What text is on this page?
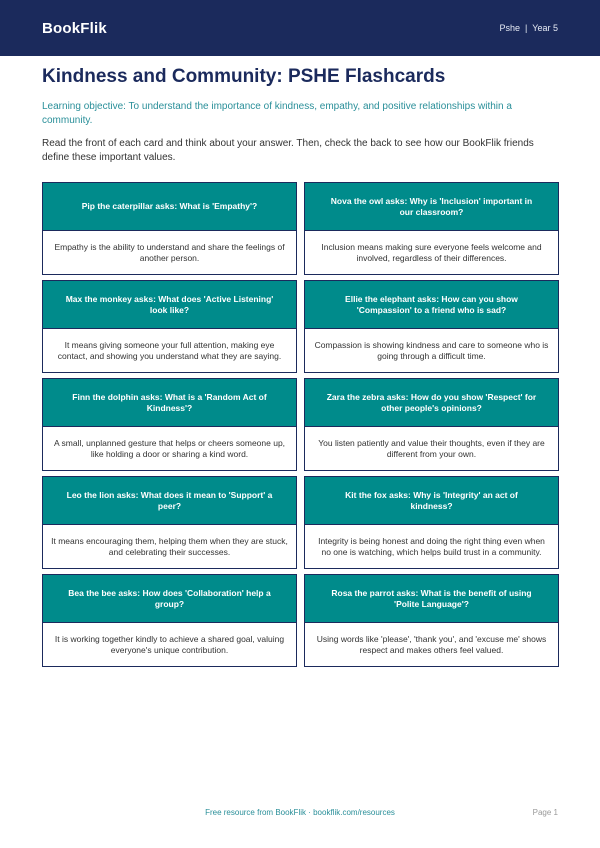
BookFlik	Pshe | Year 5
Kindness and Community: PSHE Flashcards

Learning objective: To understand the importance of kindness, empathy, and positive relationships within a community.

Read the front of each card and think about your answer. Then, check the back to see how our BookFlik friends define these important values.

Pip the caterpillar asks: What is 'Empathy'?
Empathy is the ability to understand and share the feelings of another person.
Nova the owl asks: Why is 'Inclusion' important in our classroom?
Inclusion means making sure everyone feels welcome and involved, regardless of their differences.
Max the monkey asks: What does 'Active Listening' look like?
It means giving someone your full attention, making eye contact, and showing you understand what they are saying.
Ellie the elephant asks: How can you show 'Compassion' to a friend who is sad?
Compassion is showing kindness and care to someone who is going through a difficult time.
Finn the dolphin asks: What is a 'Random Act of Kindness'?
A small, unplanned gesture that helps or cheers someone up, like holding a door or sharing a kind word.
Zara the zebra asks: How do you show 'Respect' for other people's opinions?
You listen patiently and value their thoughts, even if they are different from your own.
Leo the lion asks: What does it mean to 'Support' a peer?
It means encouraging them, helping them when they are stuck, and celebrating their successes.
Kit the fox asks: Why is 'Integrity' an act of kindness?
Integrity is being honest and doing the right thing even when no one is watching, which helps build trust in a community.
Bea the bee asks: How does 'Collaboration' help a group?
It is working together kindly to achieve a shared goal, valuing everyone's unique contribution.
Rosa the parrot asks: What is the benefit of using 'Polite Language'?
Using words like 'please', 'thank you', and 'excuse me' shows respect and makes others feel valued.
Free resource from BookFlik · bookflik.com/resources	Page 1
